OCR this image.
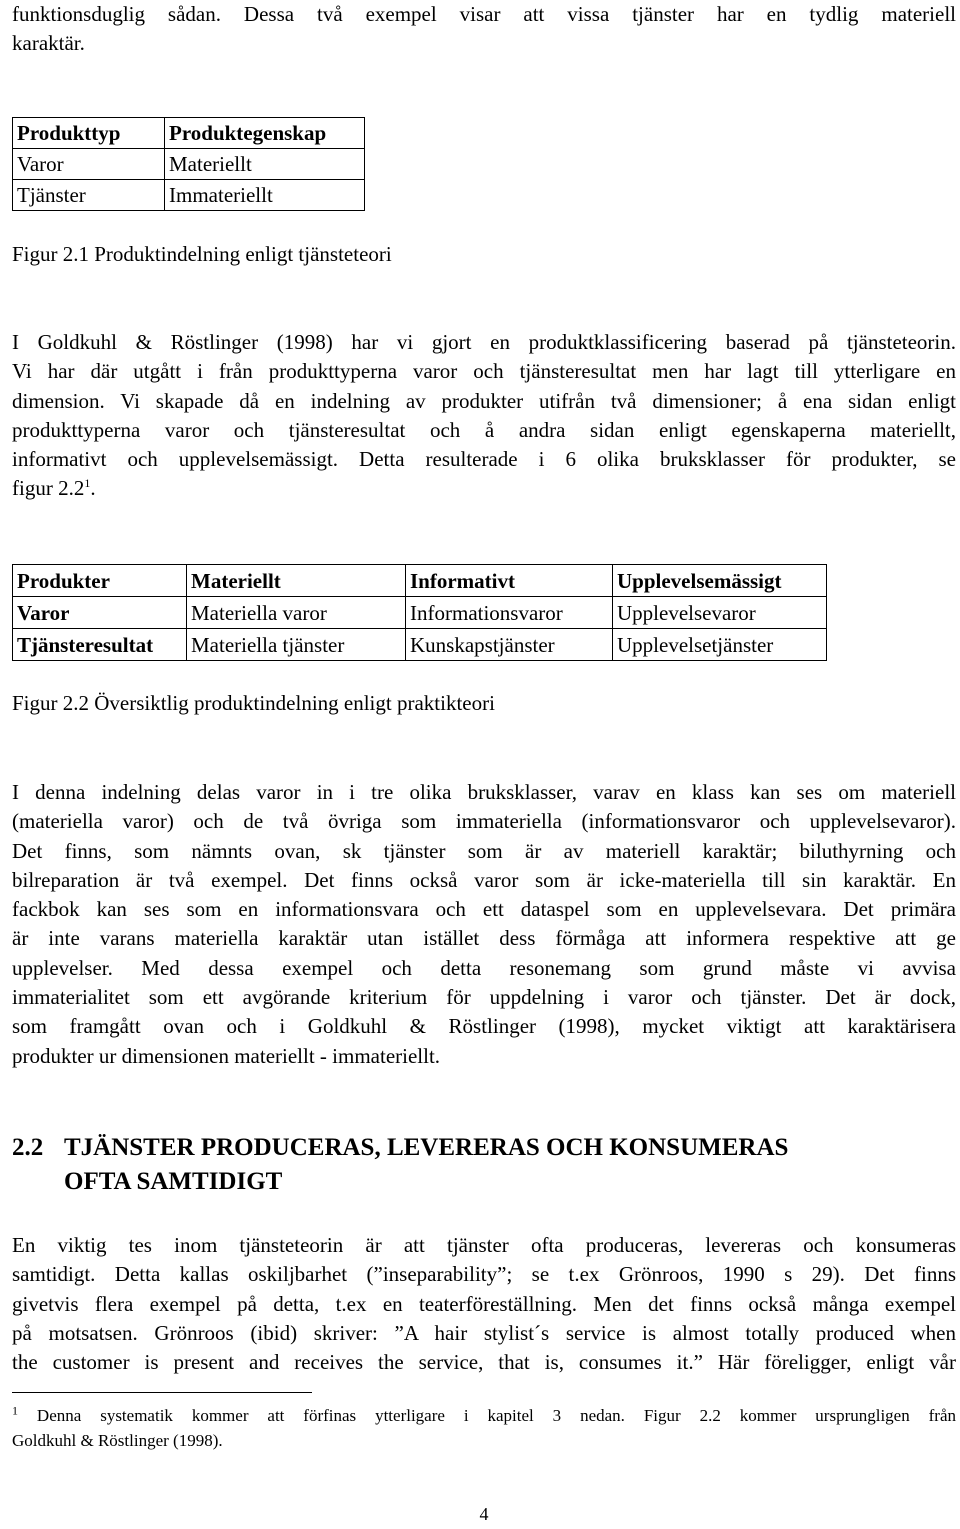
funktionsduglig sådan. Dessa två exempel visar att vissa tjänster har en tydlig materiell

karaktär.

Produkttyp	Produktegenskap
Varor	Materiellt
Tjänster	Immateriellt

Figur 2.1 Produktindelning enligt tjänsteteori

I Goldkuhl & Röstlinger (1998) har vi gjort en produktklassificering baserad på tjänsteteorin.

Vi har där utgått i från produkttyperna varor och tjänsteresultat men har lagt till ytterligare en

dimension. Vi skapade då en indelning av produkter utifrån två dimensioner; å ena sidan enligt

produkttyperna varor och tjänsteresultat och å andra sidan enligt egenskaperna materiellt,

informativt och upplevelsemässigt. Detta resulterade i 6 olika bruksklasser för produkter, se

figur $2.2^1$.

Produkter	Materiellt	Informativt	Upplevelsemässigt
Varor	Materiella varor	Informationsvaror	Upplevelsevaror
Tjänsteresultat	Materiella tjänster	Kunskapstjänster	Upplevelsetjänster

Figur 2.2 Översiktlig produktindelning enligt praktikteori

I denna indelning delas varor in i tre olika bruksklasser, varav en klass kan ses om materiell

(materiella varor) och de två övriga som immateriella (informationsvaror och upplevelsevaror).

Det finns, som nämnts ovan, sk tjänster som är av materiell karaktär; biluthyrning och

bilreparation är två exempel. Det finns också varor som är icke-materiella till sin karaktär. En

fackbok kan ses som en informationsvara och ett dataspel som en upplevelsevara. Det primära

är inte varans materiella karaktär utan istället dess förmåga att informera respektive att ge

upplevelser. Med dessa exempel och detta resonemang som grund måste vi avvisa

immaterialitet som ett avgörande kriterium för uppdelning i varor och tjänster. Det är dock,

som framgått ovan och i Goldkuhl & Röstlinger (1998), mycket viktigt att karaktärisera

produkter ur dimensionen materiellt - immateriellt.

2.2 TJÄNSTER PRODUCERAS, LEVERERAS OCH KONSUMERAS
OFTA SAMTIDIGT

En viktig tes inom tjänsteteorin är att tjänster ofta produceras, levereras och konsumeras

samtidigt. Detta kallas oskiljbarhet (”inseparability”; se t.ex Grönroos, 1990 s 29). Det finns

givetvis flera exempel på detta, t.ex en teaterföreställning. Men det finns också många exempel

på motsatsen. Grönroos (ibid) skriver: ”A hair stylist´s service is almost totally produced when

the customer is present and receives the service, that is, consumes it.” Här föreligger, enligt vår

$^1$ Denna systematik kommer att förfinas ytterligare i kapitel 3 nedan. Figur 2.2 kommer ursprungligen från

Goldkuhl & Röstlinger (1998).

4
